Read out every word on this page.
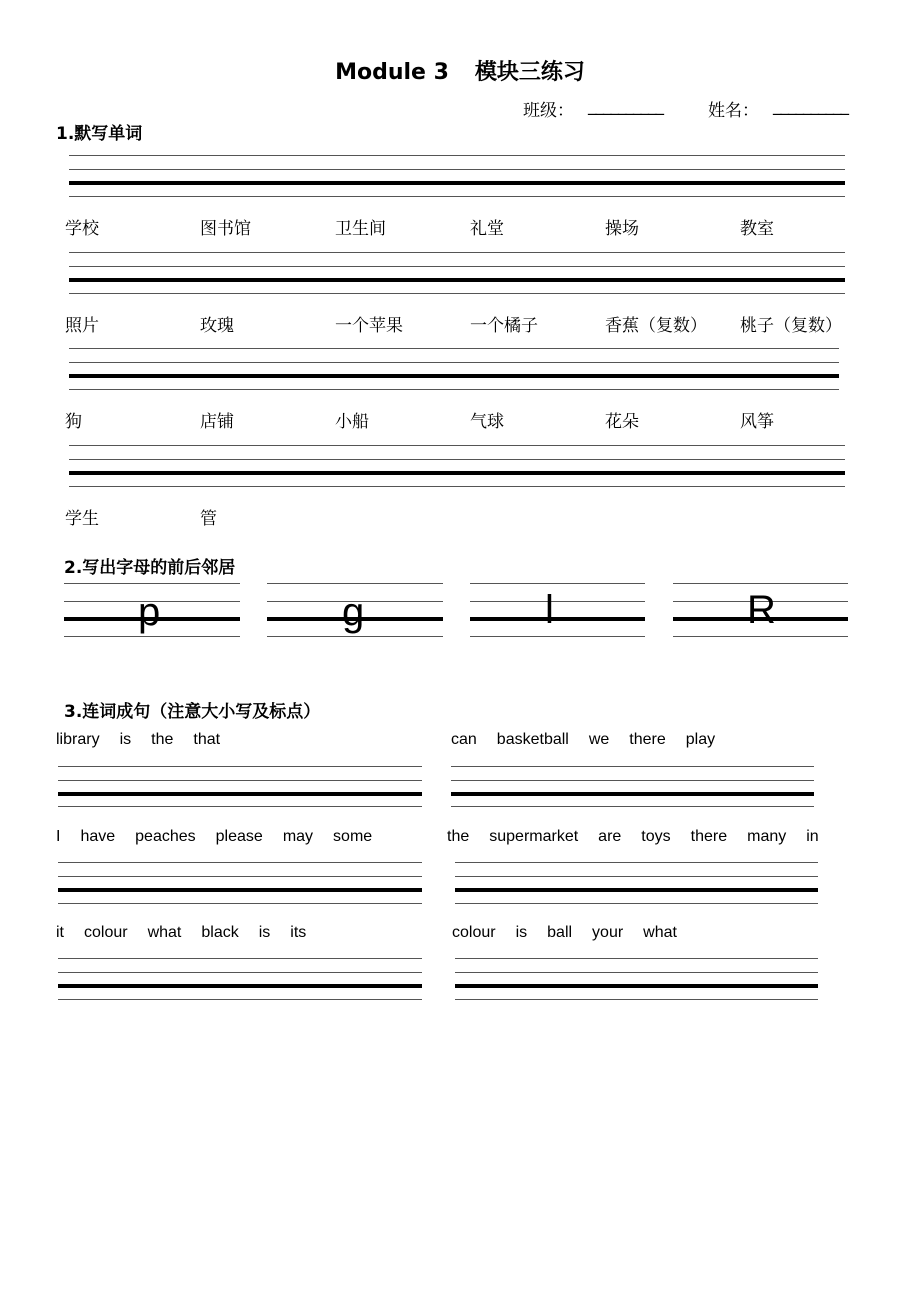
Module 3 模块三练习
班级： __________	姓名： __________
1.默写单词
学校	图书馆	卫生间	礼堂	操场	教室
照片	玫瑰	一个苹果	一个橘子	香蕉（复数） 桃子（复数）
狗	店铺	小船	气球	花朵	风筝
学生	管
2.写出字母的前后邻居
p	g	l	R
3.连词成句（注意大小写及标点）
library is the that	can basketball we there play
I have peaches please may some	the supermarket are toys there many in
it colour what black is its	colour is ball your what
